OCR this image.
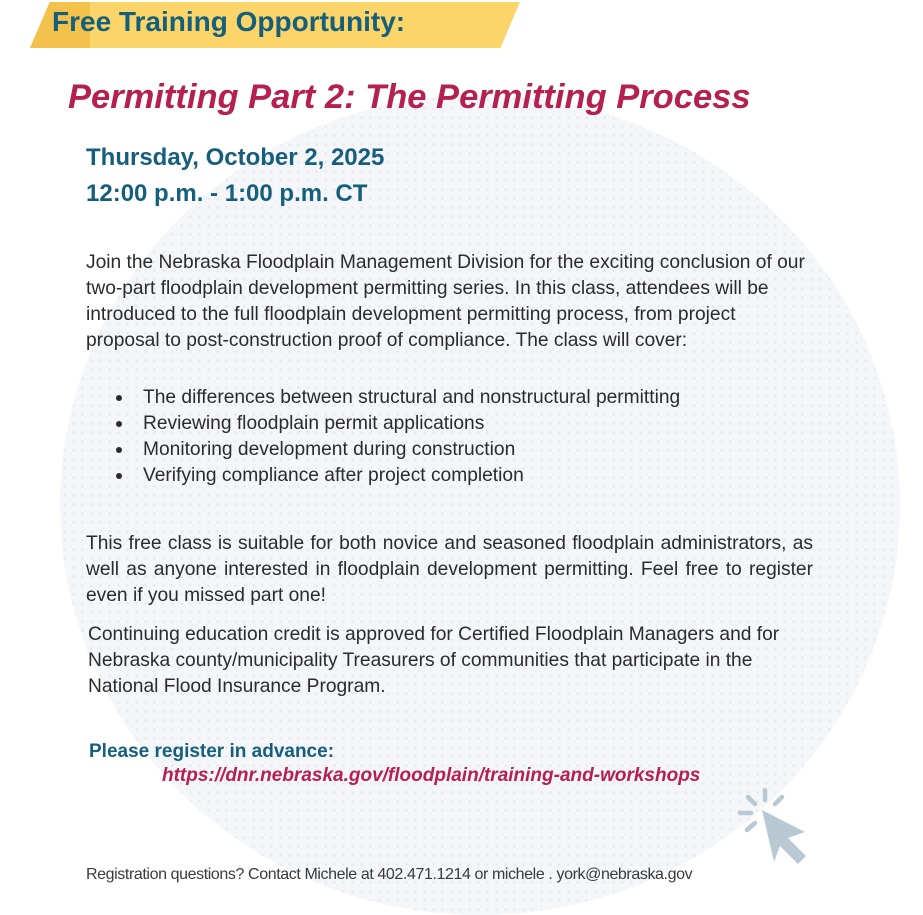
Free Training Opportunity:
Permitting Part 2: The Permitting Process
Thursday, October 2, 2025
12:00 p.m. - 1:00 p.m. CT
Join the Nebraska Floodplain Management Division for the exciting conclusion of our two-part floodplain development permitting series. In this class, attendees will be introduced to the full floodplain development permitting process, from project proposal to post-construction proof of compliance. The class will cover:
The differences between structural and nonstructural permitting
Reviewing floodplain permit applications
Monitoring development during construction
Verifying compliance after project completion
This free class is suitable for both novice and seasoned floodplain administrators, as well as anyone interested in floodplain development permitting. Feel free to register even if you missed part one!
Continuing education credit is approved for Certified Floodplain Managers and for Nebraska county/municipality Treasurers of communities that participate in the National Flood Insurance Program.
Please register in advance:
https://dnr.nebraska.gov/floodplain/training-and-workshops
Registration questions? Contact Michele at 402.471.1214 or michele . york@nebraska.gov
